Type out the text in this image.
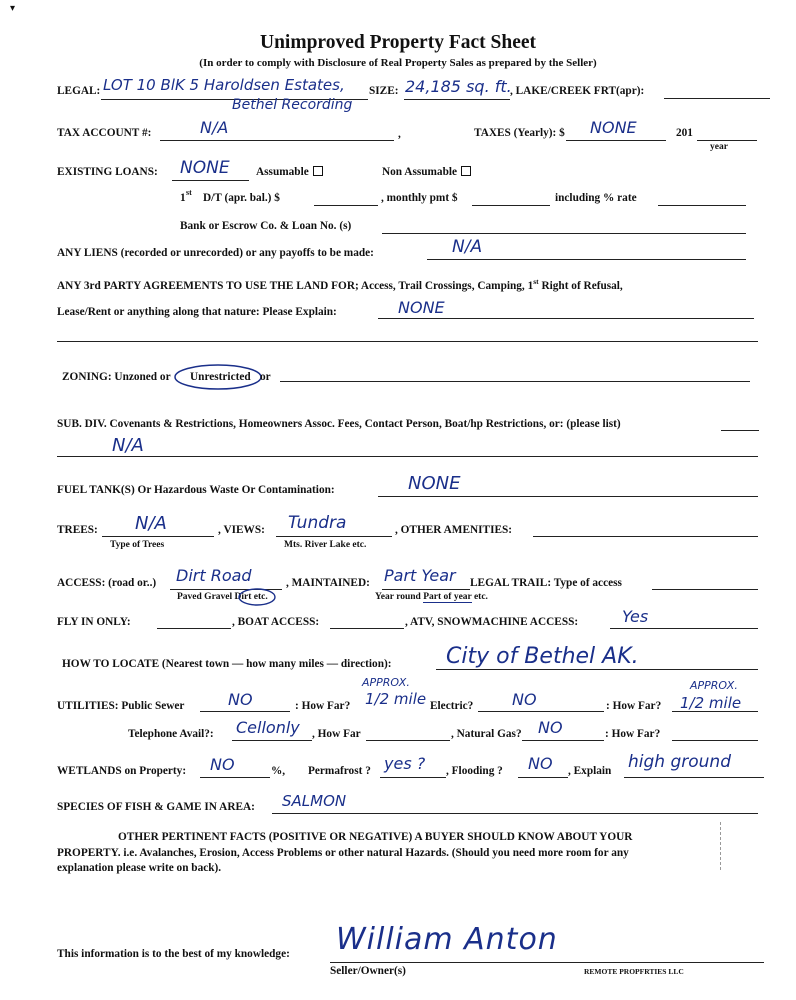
▾
Unimproved Property Fact Sheet
(In order to comply with Disclosure of Real Property Sales as prepared by the Seller)
LEGAL: LOT 10 BlK 5 Haroldsen Estates,
Bethel Recording
SIZE: 24,185 sq. ft.
, LAKE/CREEK FRT(apr):
TAX ACCOUNT #:	N/A	,	TAXES (Yearly): $ NONE	201
year
EXISTING LOANS: NONE Assumable	Non Assumable
1 st D/T (apr. bal.) $	, monthly pmt $	including % rate
Bank or Escrow Co. & Loan No. (s)
ANY LIENS (recorded or unrecorded) or any payoffs to be made:	N/A
ANY 3rd PARTY AGREEMENTS TO USE THE LAND FOR; Access, Trail Crossings, Camping, 1st Right of Refusal,
Lease/Rent or anything along that nature: Please Explain:	NONE
ZONING: Unzoned or Unrestricted or
SUB. DIV. Covenants & Restrictions, Homeowners Assoc. Fees, Contact Person, Boat/hp Restrictions, or: (please list)
N/A
FUEL TANK(S) Or Hazardous Waste Or Contamination:	NONE
TREES: N/A
Type of Trees
, VIEWS: Tundra
Mts. River Lake etc.
, OTHER AMENITIES:
ACCESS: (road or..) Dirt Road
Paved Gravel Dirt etc.
, MAINTAINED: Part Year
Year round Part of year etc.
LEGAL TRAIL: Type of access
FLY IN ONLY:	, BOAT ACCESS:	, ATV, SNOWMACHINE ACCESS:	Yes
HOW TO LOCATE (Nearest town — how many miles — direction): City of Bethel AK.
UTILITIES: Public Sewer	NO	: How Far?
APPROX.
1/2 mile Electric? NO	: How Far?
APPROX.
1/2 mile
Telephone Avail?: Cellonly , How Far	, Natural Gas? NO	: How Far?
WETLANDS on Property: NO	%, Permafrost ? yes ? , Flooding ? NO , Explain high ground
SPECIES OF FISH & GAME IN AREA: SALMON
OTHER PERTINENT FACTS (POSITIVE OR NEGATIVE) A BUYER SHOULD KNOW ABOUT YOUR
PROPERTY. i.e. Avalanches, Erosion, Access Problems or other natural Hazards. (Should you need more room for any
explanation please write on back).
This information is to the best of my knowledge: William Anton
Seller/Owner(s)	REMOTE PROPFRTIES LLC
